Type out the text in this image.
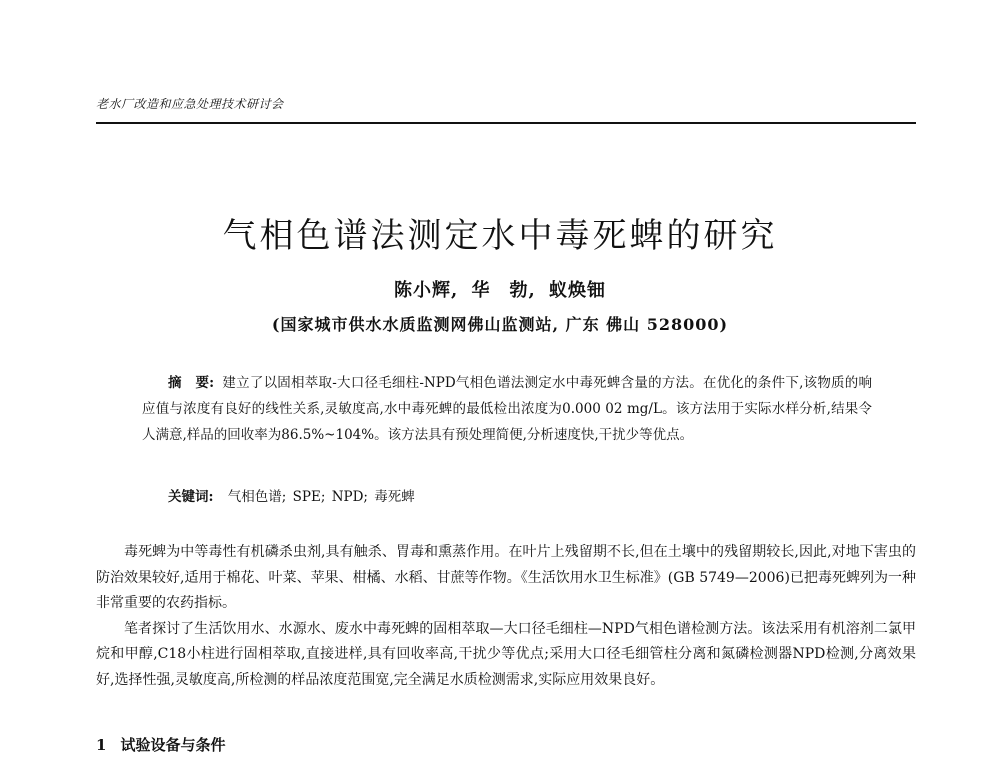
老水厂改造和应急处理技术研讨会
气相色谱法测定水中毒死蜱的研究
陈小辉, 华　勃, 蚁焕钿
(国家城市供水水质监测网佛山监测站, 广东 佛山 528000)
摘　要: 建立了以固相萃取-大口径毛细柱-NPD气相色谱法测定水中毒死蜱含量的方法。在优化的条件下,该物质的响应值与浓度有良好的线性关系,灵敏度高,水中毒死蜱的最低检出浓度为0.000 02 mg/L。该方法用于实际水样分析,结果令人满意,样品的回收率为86.5%~104%。该方法具有预处理简便,分析速度快,干扰少等优点。
关键词: 气相色谱; SPE; NPD; 毒死蜱

毒死蜱为中等毒性有机磷杀虫剂,具有触杀、胃毒和熏蒸作用。在叶片上残留期不长,但在土壤中的残留期较长,因此,对地下害虫的防治效果较好,适用于棉花、叶菜、苹果、柑橘、水稻、甘蔗等作物。《生活饮用水卫生标准》(GB 5749—2006)已把毒死蜱列为一种非常重要的农药指标。

笔者探讨了生活饮用水、水源水、废水中毒死蜱的固相萃取—大口径毛细柱—NPD气相色谱检测方法。该法采用有机溶剂二氯甲烷和甲醇,C18小柱进行固相萃取,直接进样,具有回收率高,干扰少等优点;采用大口径毛细管柱分离和氮磷检测器NPD检测,分离效果好,选择性强,灵敏度高,所检测的样品浓度范围宽,完全满足水质检测需求,实际应用效果良好。

1 试验设备与条件
